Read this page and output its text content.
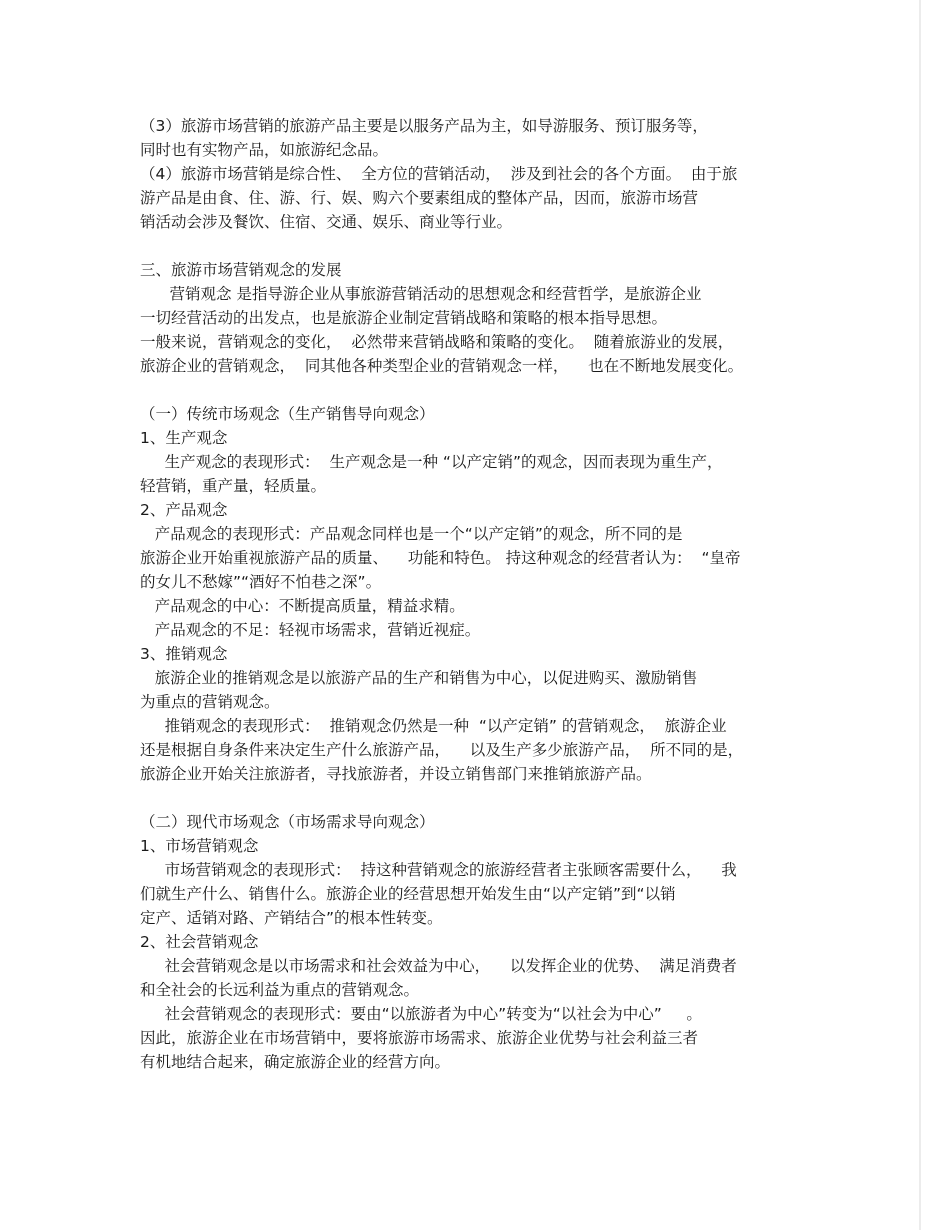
（3）旅游市场营销的旅游产品主要是以服务产品为主，如导游服务、预订服务等，
同时也有实物产品，如旅游纪念品。
（4）旅游市场营销是综合性、  全方位的营销活动，  涉及到社会的各个方面。  由于旅
游产品是由食、住、游、行、娱、购六个要素组成的整体产品，因而，旅游市场营
销活动会涉及餐饮、住宿、交通、娱乐、商业等行业。
三、旅游市场营销观念的发展
营销观念 是指导游企业从事旅游营销活动的思想观念和经营哲学，是旅游企业
一切经营活动的出发点，也是旅游企业制定营销战略和策略的根本指导思想。
一般来说，营销观念的变化，  必然带来营销战略和策略的变化。  随着旅游业的发展，
旅游企业的营销观念，  同其他各种类型企业的营销观念一样，    也在不断地发展变化。
（一）传统市场观念（生产销售导向观念）
1、生产观念
生产观念的表现形式：  生产观念是一种 “以产定销”的观念，因而表现为重生产，
轻营销，重产量，轻质量。
2、产品观念
产品观念的表现形式：产品观念同样也是一个“以产定销”的观念，所不同的是
旅游企业开始重视旅游产品的质量、    功能和特色。 持这种观念的经营者认为：  “皇帝
的女儿不愁嫁”“酒好不怕巷之深”。
产品观念的中心：不断提高质量，精益求精。
产品观念的不足：轻视市场需求，营销近视症。
3、推销观念
旅游企业的推销观念是以旅游产品的生产和销售为中心，以促进购买、激励销售
为重点的营销观念。
推销观念的表现形式：  推销观念仍然是一种  “以产定销” 的营销观念，  旅游企业
还是根据自身条件来决定生产什么旅游产品，    以及生产多少旅游产品，  所不同的是，
旅游企业开始关注旅游者，寻找旅游者，并设立销售部门来推销旅游产品。
（二）现代市场观念（市场需求导向观念）
1、市场营销观念
市场营销观念的表现形式：  持这种营销观念的旅游经营者主张顾客需要什么，    我
们就生产什么、销售什么。旅游企业的经营思想开始发生由“以产定销”到“以销
定产、适销对路、产销结合”的根本性转变。
2、社会营销观念
社会营销观念是以市场需求和社会效益为中心，    以发挥企业的优势、  满足消费者
和全社会的长远利益为重点的营销观念。
社会营销观念的表现形式：要由“以旅游者为中心”转变为“以社会为中心”     。
因此，旅游企业在市场营销中，要将旅游市场需求、旅游企业优势与社会利益三者
有机地结合起来，确定旅游企业的经营方向。
